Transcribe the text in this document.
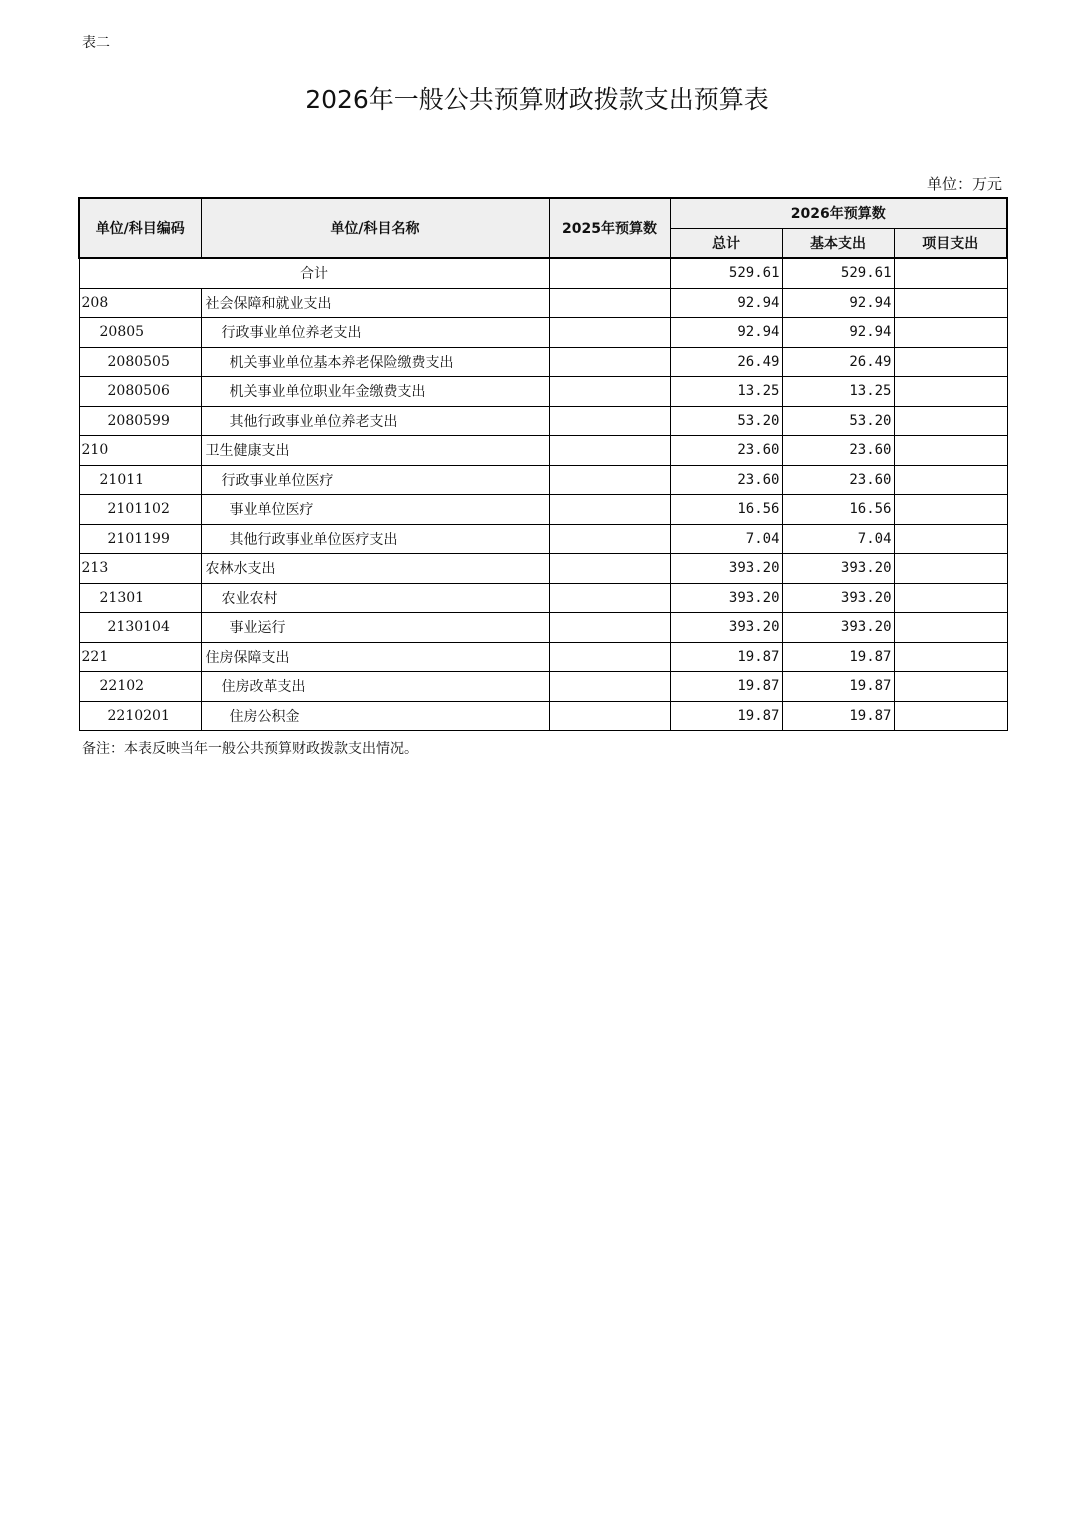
表二
2026年一般公共预算财政拨款支出预算表
单位：万元
单位/科目编码	单位/科目名称	2025年预算数	2026年预算数		
			总计	基本支出	项目支出
合计			529.61	529.61	
208	社会保障和就业支出		92.94	92.94	
20805	行政事业单位养老支出		92.94	92.94	
2080505	机关事业单位基本养老保险缴费支出		26.49	26.49	
2080506	机关事业单位职业年金缴费支出		13.25	13.25	
2080599	其他行政事业单位养老支出		53.20	53.20	
210	卫生健康支出		23.60	23.60	
21011	行政事业单位医疗		23.60	23.60	
2101102	事业单位医疗		16.56	16.56	
2101199	其他行政事业单位医疗支出		7.04	7.04	
213	农林水支出		393.20	393.20	
21301	农业农村		393.20	393.20	
2130104	事业运行		393.20	393.20	
221	住房保障支出		19.87	19.87	
22102	住房改革支出		19.87	19.87	
2210201	住房公积金		19.87	19.87	
备注：本表反映当年一般公共预算财政拨款支出情况。
